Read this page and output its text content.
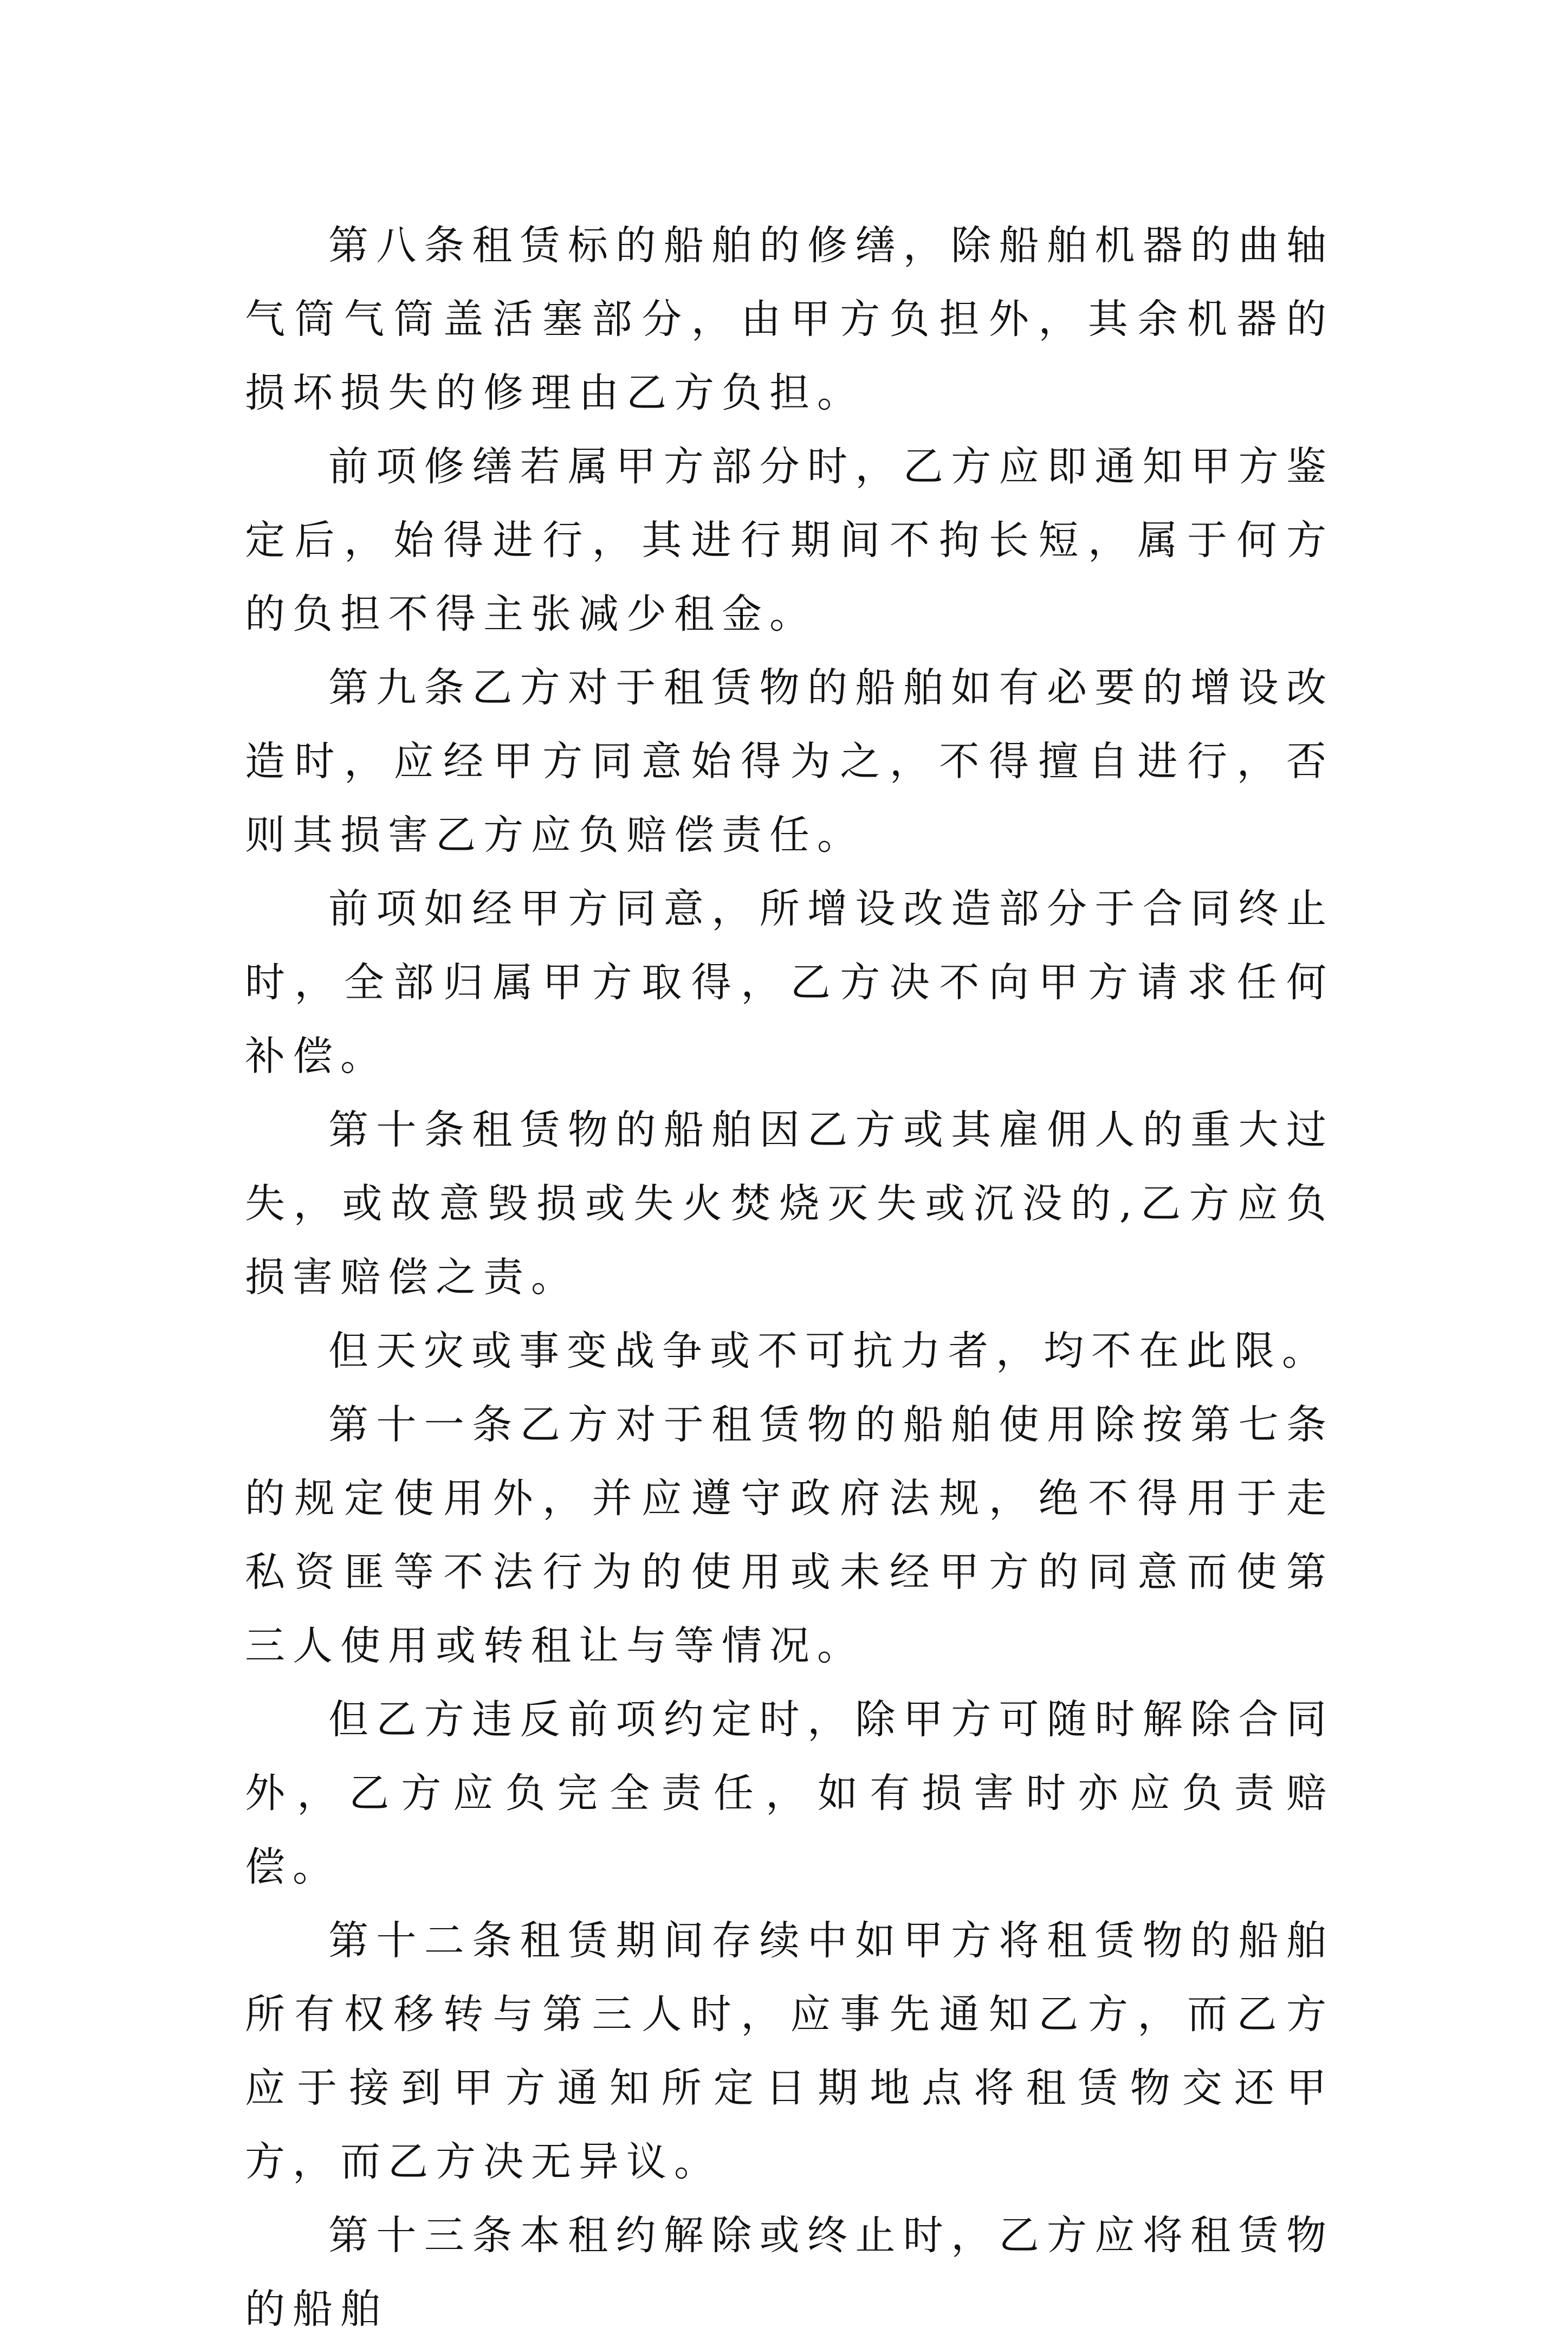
第八条租赁标的船舶的修缮，除船舶机器的曲轴气筒气筒盖活塞部分，由甲方负担外，其余机器的损坏损失的修理由乙方负担。

前项修缮若属甲方部分时，乙方应即通知甲方鉴定后，始得进行，其进行期间不拘长短，属于何方的负担不得主张减少租金。

第九条乙方对于租赁物的船舶如有必要的增设改造时，应经甲方同意始得为之，不得擅自进行，否则其损害乙方应负赔偿责任。

前项如经甲方同意，所增设改造部分于合同终止时，全部归属甲方取得，乙方决不向甲方请求任何补偿。

第十条租赁物的船舶因乙方或其雇佣人的重大过失，或故意毁损或失火焚烧灭失或沉没的,乙方应负损害赔偿之责。

但天灾或事变战争或不可抗力者，均不在此限。

第十一条乙方对于租赁物的船舶使用除按第七条的规定使用外，并应遵守政府法规，绝不得用于走私资匪等不法行为的使用或未经甲方的同意而使第三人使用或转租让与等情况。

但乙方违反前项约定时，除甲方可随时解除合同外，乙方应负完全责任，如有损害时亦应负责赔偿。

第十二条租赁期间存续中如甲方将租赁物的船舶所有权移转与第三人时，应事先通知乙方，而乙方应于接到甲方通知所定日期地点将租赁物交还甲方，而乙方决无异议。

第十三条本租约解除或终止时，乙方应将租赁物的船舶
